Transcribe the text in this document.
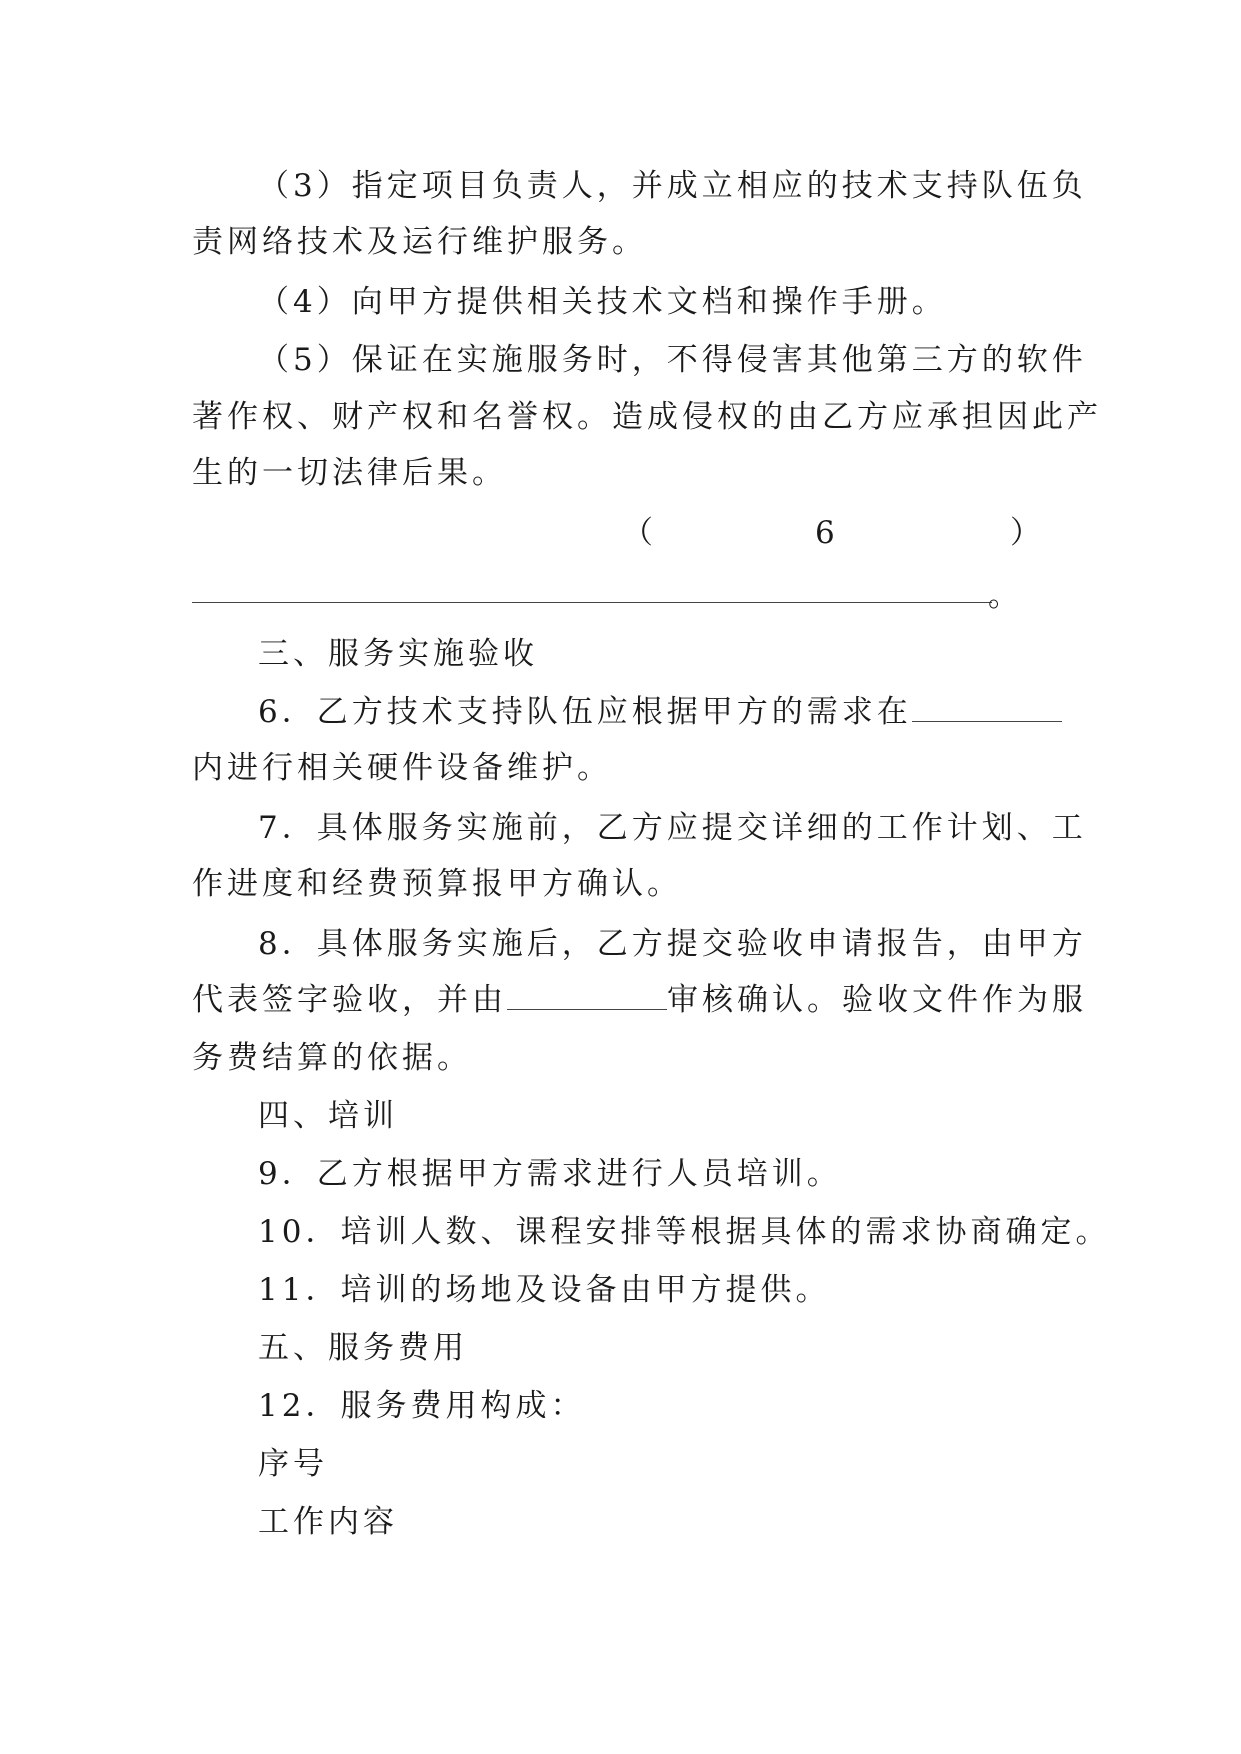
（3）指定项目负责人，并成立相应的技术支持队伍负
责网络技术及运行维护服务。
（4）向甲方提供相关技术文档和操作手册。
（5）保证在实施服务时，不得侵害其他第三方的软件
著作权、财产权和名誉权。造成侵权的由乙方应承担因此产
生的一切法律后果。
（	6	）
。
三、服务实施验收
6．乙方技术支持队伍应根据甲方的需求在
内进行相关硬件设备维护。
7．具体服务实施前，乙方应提交详细的工作计划、工
作进度和经费预算报甲方确认。
8．具体服务实施后，乙方提交验收申请报告，由甲方
代表签字验收，并由	审核确认。验收文件作为服
务费结算的依据。
四、培训
9．乙方根据甲方需求进行人员培训。
10．培训人数、课程安排等根据具体的需求协商确定。
11．培训的场地及设备由甲方提供。
五、服务费用
12．服务费用构成：
序号
工作内容
